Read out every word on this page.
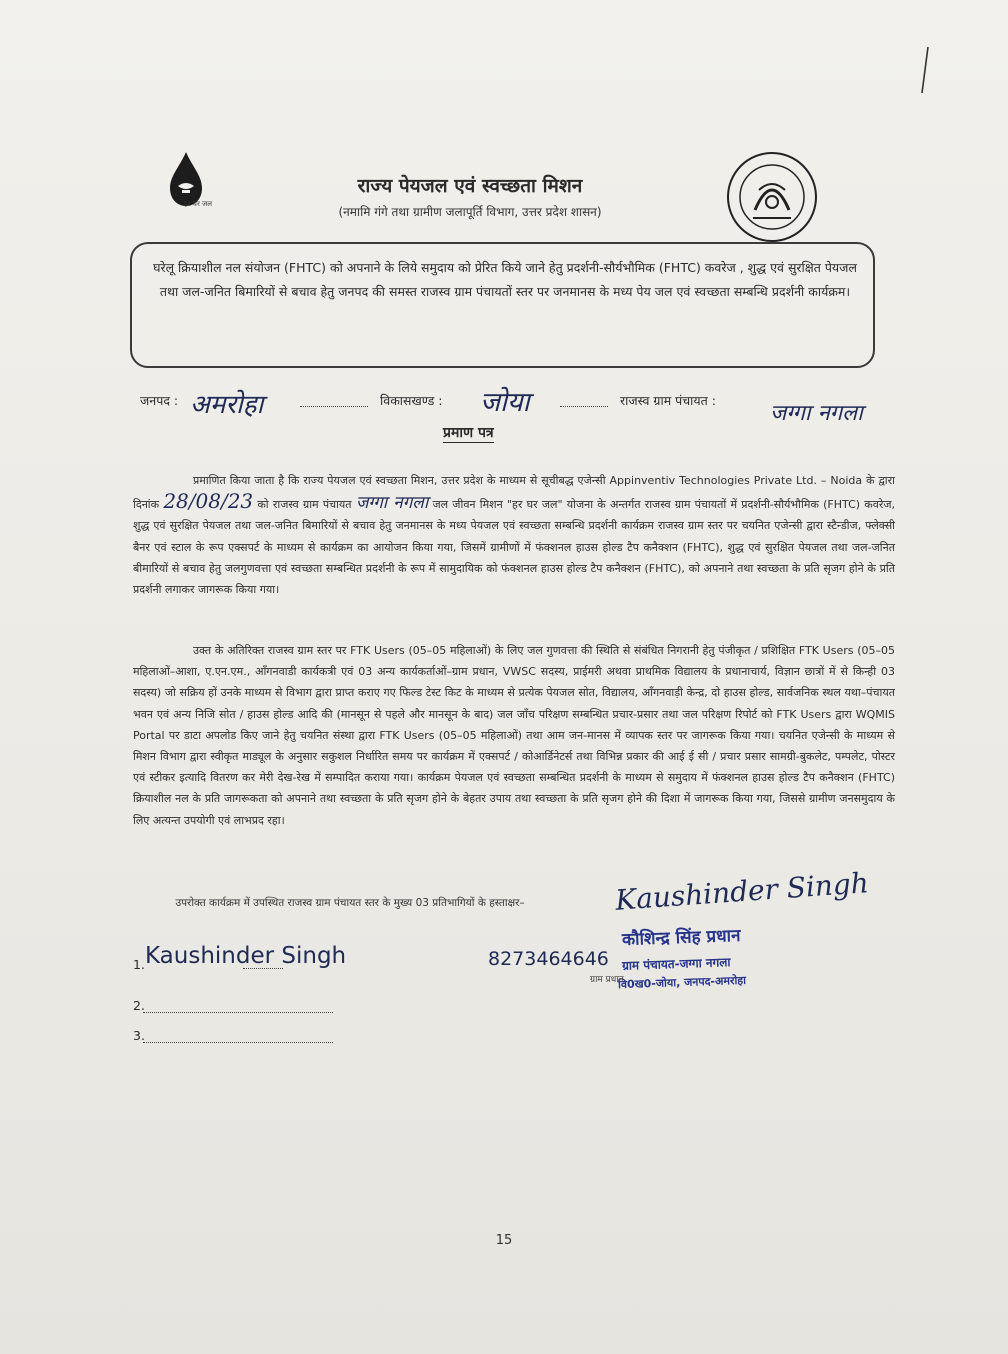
हर घर जल
राज्य पेयजल एवं स्वच्छता मिशन
(नमामि गंगे तथा ग्रामीण जलापूर्ति विभाग, उत्तर प्रदेश शासन)
घरेलू क्रियाशील नल संयोजन (FHTC) को अपनाने के लिये समुदाय को प्रेरित किये जाने हेतु प्रदर्शनी-सौर्यभौमिक (FHTC) कवरेज , शुद्ध एवं सुरक्षित पेयजल तथा जल-जनित बिमारियों से बचाव हेतु जनपद की समस्त राजस्व ग्राम पंचायतों स्तर पर जनमानस के मध्य पेय जल एवं स्वच्छता सम्बन्धि प्रदर्शनी कार्यक्रम।
जनपद : अमरोहा	विकासखण्ड : जोया	राजस्व ग्राम पंचायत :
जग्गा नगला
प्रमाण पत्र
प्रमाणित किया जाता है कि राज्य पेयजल एवं स्वच्छता मिशन, उत्तर प्रदेश के माध्यम से सूचीबद्ध एजेन्सी Appinventiv Technologies Private Ltd. – Noida के द्वारा दिनांक 28/08/23 को राजस्व ग्राम पंचायत जग्गा नगला जल जीवन मिशन "हर घर जल" योजना के अन्तर्गत राजस्व ग्राम पंचायतों में प्रदर्शनी-सौर्यभौमिक (FHTC) कवरेज, शुद्ध एवं सुरक्षित पेयजल तथा जल-जनित बिमारियों से बचाव हेतु जनमानस के मध्य पेयजल एवं स्वच्छता सम्बन्धि प्रदर्शनी कार्यक्रम राजस्व ग्राम स्तर पर चयनित एजेन्सी द्वारा स्टैन्डीज, फ्लेक्सी बैनर एवं स्टाल के रूप एक्सपर्ट के माध्यम से कार्यक्रम का आयोजन किया गया, जिसमें ग्रामीणों में फंक्शनल हाउस होल्ड टैप कनैक्शन (FHTC), शुद्ध एवं सुरक्षित पेयजल तथा जल-जनित बीमारियों से बचाव हेतु जलगुणवत्ता एवं स्वच्छता सम्बन्धित प्रदर्शनी के रूप में सामुदायिक को फंक्शनल हाउस होल्ड टैप कनैक्शन (FHTC), को अपनाने तथा स्वच्छता के प्रति सृजग होने के प्रति प्रदर्शनी लगाकर जागरूक किया गया।
उक्त के अतिरिक्त राजस्व ग्राम स्तर पर FTK Users (05–05 महिलाओं) के लिए जल गुणवत्ता की स्थिति से संबंधित निगरानी हेतु पंजीकृत / प्रशिक्षित FTK Users (05–05 महिलाओं–आशा, ए.एन.एम., आँगनवाडी कार्यकत्री एवं 03 अन्य कार्यकर्ताओं–ग्राम प्रधान, VWSC सदस्य, प्राईमरी अथवा प्राथमिक विद्यालय के प्रधानाचार्य, विज्ञान छात्रों में से किन्ही 03 सदस्य) जो सक्रिय हों उनके माध्यम से विभाग द्वारा प्राप्त कराए गए फिल्ड टेस्ट किट के माध्यम से प्रत्येक पेयजल सोत, विद्यालय, आँगनवाड़ी केन्द्र, दो हाउस होल्ड, सार्वजनिक स्थल यथा–पंचायत भवन एवं अन्य निजि सोत / हाउस होल्ड आदि की (मानसून से पहले और मानसून के बाद) जल जाँच परिक्षण सम्बन्धित प्रचार-प्रसार तथा जल परिक्षण रिपोर्ट को FTK Users द्वारा WQMIS Portal पर डाटा अपलोड किए जाने हेतु चयनित संस्था द्वारा FTK Users (05–05 महिलाओं) तथा आम जन-मानस में व्यापक स्तर पर जागरूक किया गया। चयनित एजेन्सी के माध्यम से मिशन विभाग द्वारा स्वीकृत माड्यूल के अनुसार सकुशल निर्धारित समय पर कार्यक्रम में एक्सपर्ट / कोआर्डिनेटर्स तथा विभिन्न प्रकार की आई ई सी / प्रचार प्रसार सामग्री-बुकलेट, पम्पलेट, पोस्टर एवं स्टीकर इत्यादि वितरण कर मेरी देख-रेख में सम्पादित कराया गया। कार्यक्रम पेयजल एवं स्वच्छता सम्बन्धित प्रदर्शनी के माध्यम से समुदाय में फंक्शनल हाउस होल्ड टैप कनैक्शन (FHTC) क्रियाशील नल के प्रति जागरूकता को अपनाने तथा स्वच्छता के प्रति सृजग होने के बेहतर उपाय तथा स्वच्छता के प्रति सृजग होने की दिशा में जागरूक किया गया, जिससे ग्रामीण जनसमुदाय के लिए अत्यन्त उपयोगी एवं लाभप्रद रहा।
उपरोक्त कार्यक्रम में उपस्थित राजस्व ग्राम पंचायत स्तर के मुख्य 03 प्रतिभागियों के हस्ताक्षर–
1. Kaushinder Singh
2.
3.
8273464646
Kaushinder Singh
कौशिन्द्र सिंह प्रधान
ग्राम पंचायत-जग्गा नगला
वि0ख0-जोया, जनपद-अमरोहा
ग्राम प्रधान
15
